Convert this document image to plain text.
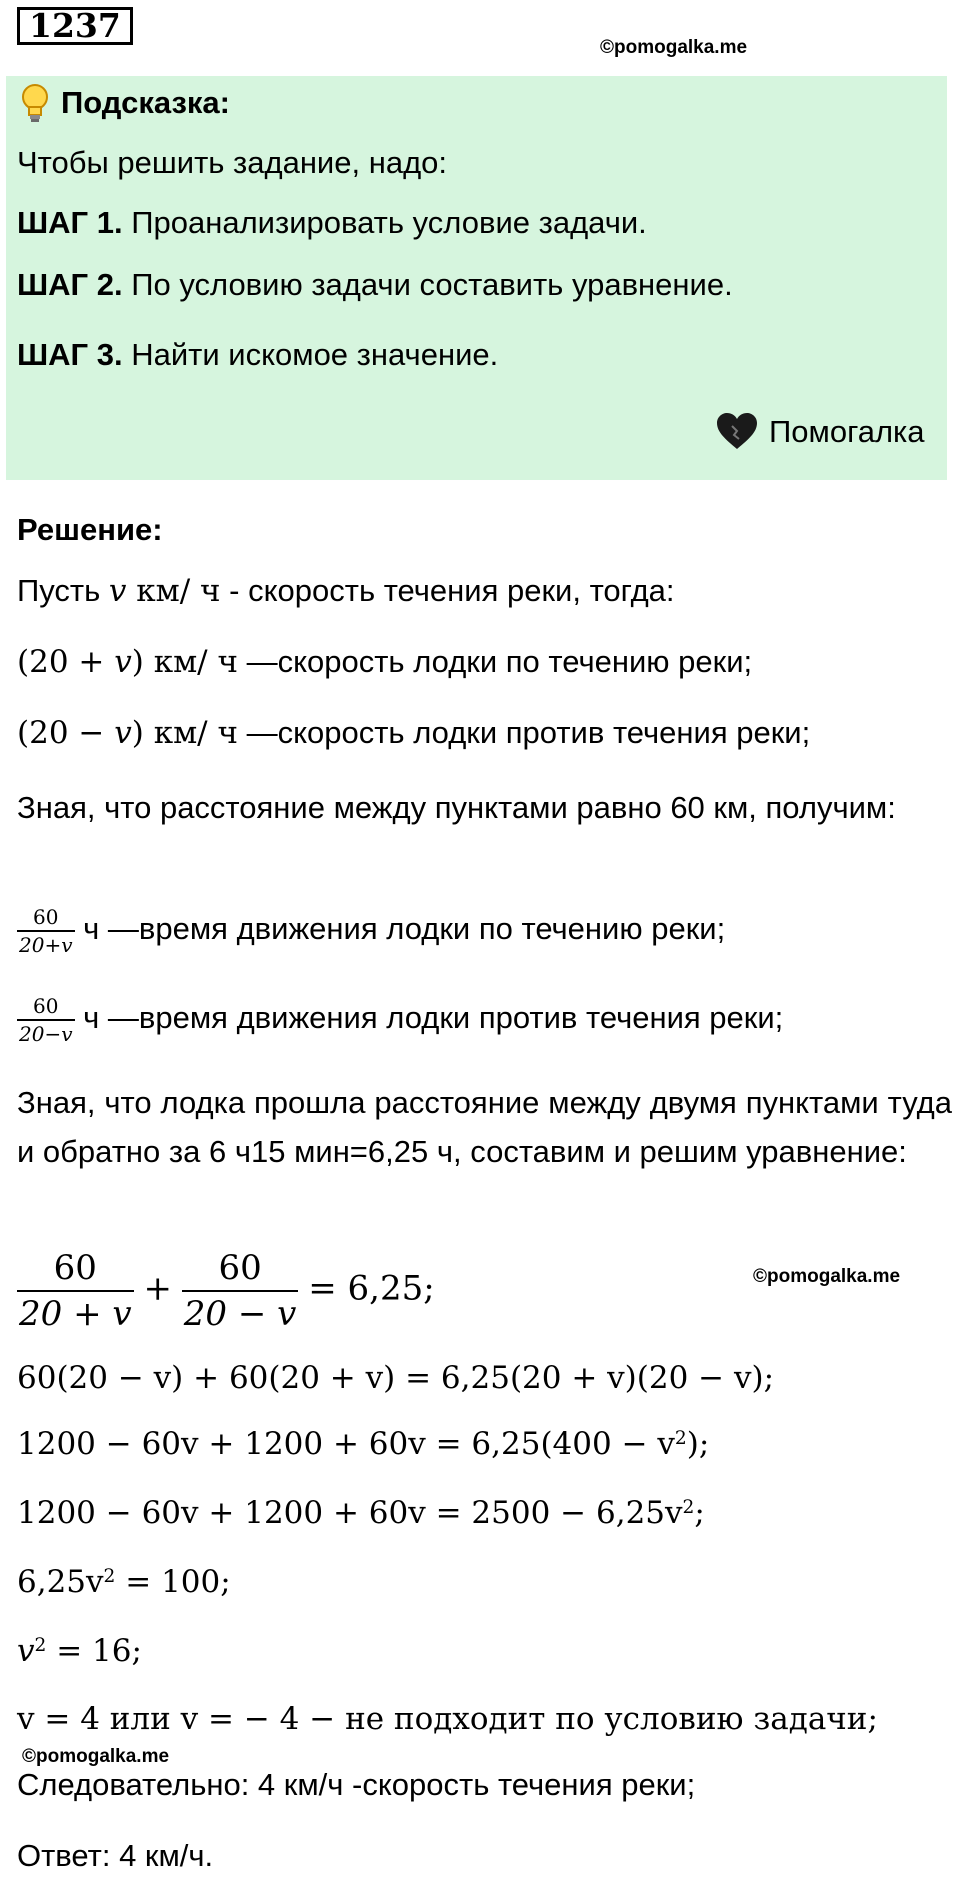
1237
©pomogalka.me
Подсказка:
Чтобы решить задание, надо:
ШАГ 1. Проанализировать условие задачи.
ШАГ 2. По условию задачи составить уравнение.
ШАГ 3. Найти искомое значение.
Помогалка
Решение:
Пусть v км/ ч - скорость течения реки, тогда:
(20 + v) км/ ч —скорость лодки по течению реки;
(20 − v) км/ ч —скорость лодки против течения реки;
Зная, что расстояние между пунктами равно 60 км, получим:
$\frac{60}{20+v}$ ч —время движения лодки по течению реки;
$\frac{60}{20-v}$ ч —время движения лодки против течения реки;
Зная, что лодка прошла расстояние между двумя пунктами туда и обратно за 6 ч15 мин=6,25 ч, составим и решим уравнение:
$\frac{60}{20 + v} + \frac{60}{20 - v} = 6,25$;	©pomogalka.me
60(20 − v) + 60(20 + v) = 6,25(20 + v)(20 − v);
$1200 - 60v + 1200 + 60v = 6,25(400 - v^2)$;
$1200 - 60v + 1200 + 60v = 2500 - 6,25v^2$;
$6,25v^2 = 100$;
$v^2 = 16$;
v = 4 или v = − 4 − не подходит по условию задачи;
©pomogalka.me
Следовательно: 4 км/ч -скорость течения реки;
Ответ: 4 км/ч.
